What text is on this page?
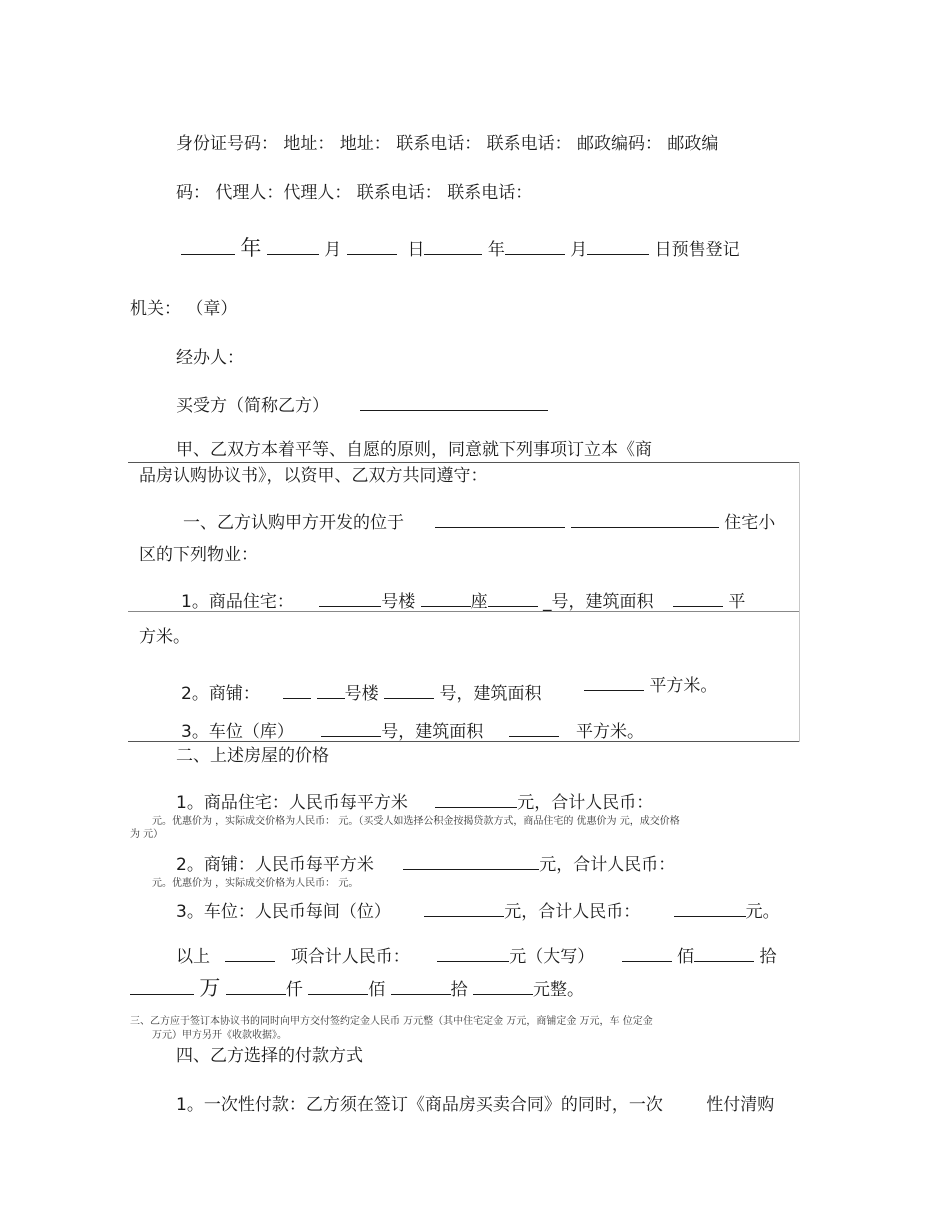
身份证号码： 地址： 地址： 联系电话： 联系电话： 邮政编码： 邮政编
码： 代理人：代理人： 联系电话： 联系电话：
年	月	日	年	月	日预售登记
机关： （章）
经办人：
买受方（简称乙方）
甲、乙双方本着平等、自愿的原则，同意就下列事项订立本《商
品房认购协议书》，以资甲、乙双方共同遵守：
一、乙方认购甲方开发的位于	住宅小
区的下列物业：
1。商品住宅：	号楼	座	_号，建筑面积	平
方米。
2。商铺：	号楼	号，建筑面积	平方米。
3。车位（库）	号，建筑面积	平方米。
二、上述房屋的价格
1。商品住宅：人民币每平方米	元，合计人民币：
元。优惠价为 ，实际成交价格为人民币： 元。（买受人如选择公积金按揭贷款方式，商品住宅的 优惠价为 元，成交价格
为 元）
2。商铺：人民币每平方米	元，合计人民币：
元。优惠价为 ，实际成交价格为人民币： 元。
3。车位：人民币每间（位）	元，合计人民币：	元。
以上	项合计人民币：	元（大写）	佰	拾
万	仟	佰	拾	元整。
三、乙方应于签订本协议书的同时向甲方交付签约定金人民币 万元整（其中住宅定金 万元，商铺定金 万元，车 位定金
万元）甲方另开《收款收据》。
四、乙方选择的付款方式
1。一次性付款：乙方须在签订《商品房买卖合同》的同时，一次	性付清购
